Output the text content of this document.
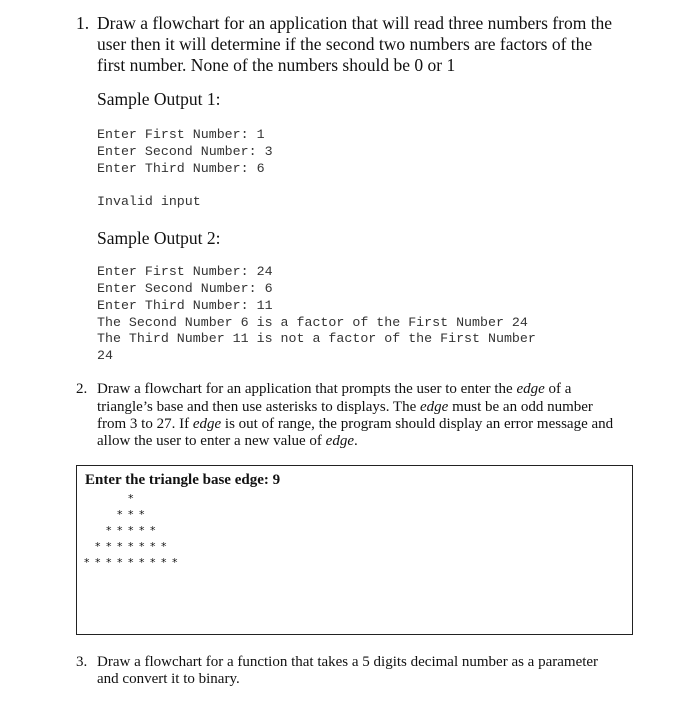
1. Draw a flowchart for an application that will read three numbers from the
user then it will determine if the second two numbers are factors of the
first number. None of the numbers should be 0 or 1
Sample Output 1:
Enter First Number: 1
Enter Second Number: 3
Enter Third Number: 6
Invalid input
Sample Output 2:
Enter First Number: 24
Enter Second Number: 6
Enter Third Number: 11
The Second Number 6 is a factor of the First Number 24
The Third Number 11 is not a factor of the First Number
24
2. Draw a flowchart for an application that prompts the user to enter the edge of a
triangle’s base and then use asterisks to displays. The edge must be an odd number
from 3 to 27. If edge is out of range, the program should display an error message and
allow the user to enter a new value of edge.
Enter the triangle base edge: 9
*
* * *
* * * * *
* * * * * * *
* * * * * * * * *
3. Draw a flowchart for a function that takes a 5 digits decimal number as a parameter
and convert it to binary.
